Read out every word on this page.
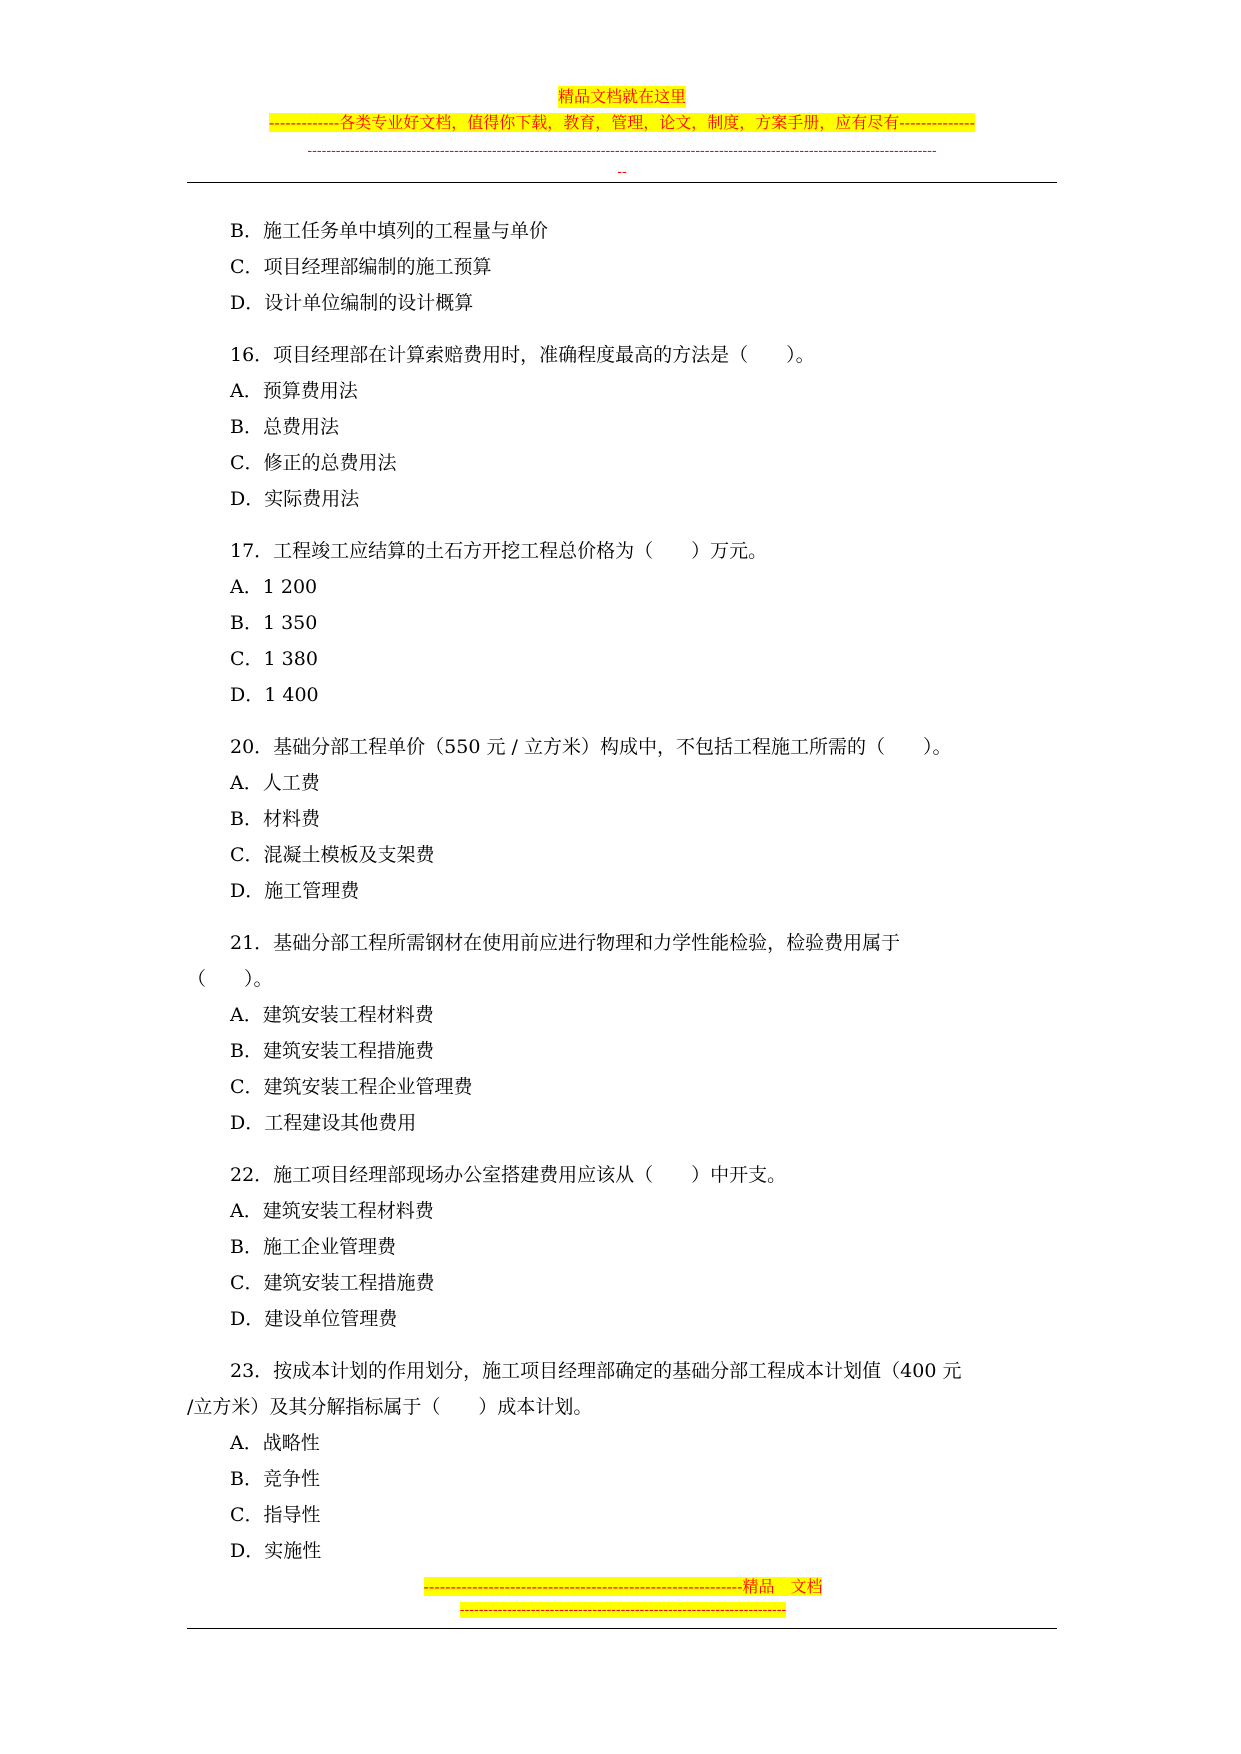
精品文档就在这里
-------------各类专业好文档，值得你下载，教育，管理，论文，制度，方案手册，应有尽有--------------
-------------------------------------------------------------------------------------------------------------------------------------
--
B．施工任务单中填列的工程量与单价
C．项目经理部编制的施工预算
D．设计单位编制的设计概算
16．项目经理部在计算索赔费用时，准确程度最高的方法是（　　）。
A．预算费用法
B．总费用法
C．修正的总费用法
D．实际费用法
17．工程竣工应结算的土石方开挖工程总价格为（　　）万元。
A．1 200
B．1 350
C．1 380
D．1 400
20．基础分部工程单价（550 元 / 立方米）构成中，不包括工程施工所需的（　　）。
A．人工费
B．材料费
C．混凝土模板及支架费
D．施工管理费
21．基础分部工程所需钢材在使用前应进行物理和力学性能检验，检验费用属于
（　　）。
A．建筑安装工程材料费
B．建筑安装工程措施费
C．建筑安装工程企业管理费
D．工程建设其他费用
22．施工项目经理部现场办公室搭建费用应该从（　　）中开支。
A．建筑安装工程材料费
B．施工企业管理费
C．建筑安装工程措施费
D．建设单位管理费
23．按成本计划的作用划分，施工项目经理部确定的基础分部工程成本计划值（400 元
/立方米）及其分解指标属于（　　）成本计划。
A．战略性
B．竞争性
C．指导性
D．实施性
-----------------------------------------------------------精品　文档
---------------------------------------------------------------------
